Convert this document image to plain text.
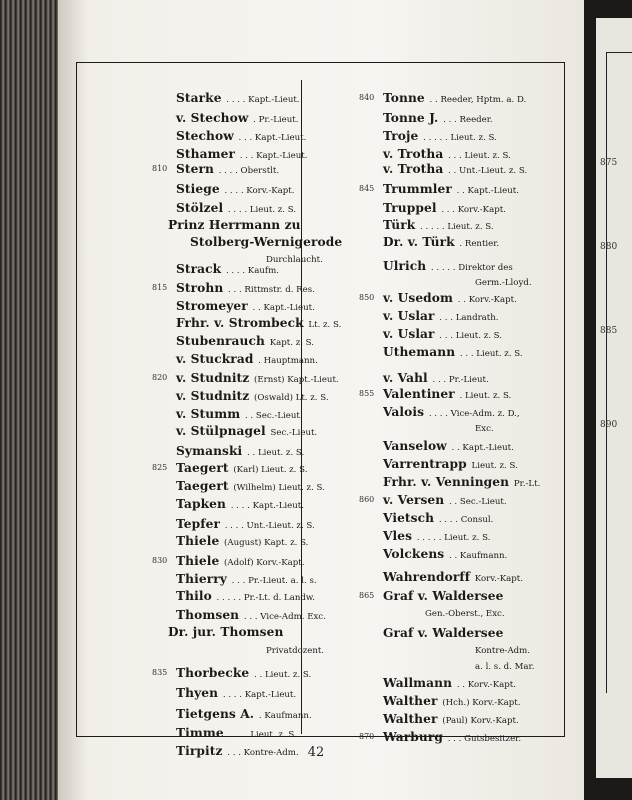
875
880
885
890
Starke . . . . Kapt.-Lieut.
v. Stechow . Pr.-Lieut.
Stechow . . . Kapt.-Lieut.
Sthamer . . . Kapt.-Lieut.
810 Stern . . . . Oberstlt.
Stiege . . . . Korv.-Kapt.
Stölzel . . . . Lieut. z. S.
Prinz Herrmann zu
Stolberg-Wernigerode
Durchlaucht.
Strack . . . . Kaufm.
815 Strohn . . . Rittmstr. d. Res.
Stromeyer . . Kapt.-Lieut.
Frhr. v. Strombeck Lt. z. S.
Stubenrauch Kapt. z. S.
v. Stuckrad . Hauptmann.
820 v. Studnitz (Ernst) Kapt.-Lieut.
v. Studnitz (Oswald) Lt. z. S.
v. Stumm . . Sec.-Lieut.
v. Stülpnagel Sec.-Lieut.
Symanski . . Lieut. z. S.
825 Taegert (Karl) Lieut. z. S.
Taegert (Wilhelm) Lieut. z. S.
Tapken . . . . Kapt.-Lieut.
Tepfer . . . . Unt.-Lieut. z. S.
Thiele (August) Kapt. z. S.
830 Thiele (Adolf) Korv.-Kapt.
Thierry . . . Pr.-Lieut. a. l. s.
Thilo . . . . . Pr.-Lt. d. Landw.
Thomsen . . . Vice-Adm. Exc.
Dr. jur. Thomsen
Privatdozent.
835 Thorbecke . . Lieut. z. S.
Thyen . . . . Kapt.-Lieut.
Tietgens A. . Kaufmann.
Timme . . . . Lieut. z. S.
Tirpitz . . . Kontre-Adm.
840 Tonne . . Reeder, Hptm. a. D.
Tonne J. . . . Reeder.
Troje . . . . . Lieut. z. S.
v. Trotha . . . Lieut. z. S.
v. Trotha . . Unt.-Lieut. z. S.
845 Trummler . . Kapt.-Lieut.
Truppel . . . Korv.-Kapt.
Türk . . . . . Lieut. z. S.
Dr. v. Türk . Rentier.
Ulrich . . . . . Direktor des
Germ.-Lloyd.
850 v. Usedom . . Korv.-Kapt.
v. Uslar . . . Landrath.
v. Uslar . . . Lieut. z. S.
Uthemann . . . Lieut. z. S.
v. Vahl . . . Pr.-Lieut.
855 Valentiner . Lieut. z. S.
Valois . . . . Vice-Adm. z. D.,
Exc.
Vanselow . . Kapt.-Lieut.
Varrentrapp Lieut. z. S.
Frhr. v. Venningen Pr.-Lt.
860 v. Versen . . Sec.-Lieut.
Vietsch . . . . Consul.
Vles . . . . . Lieut. z. S.
Volckens . . Kaufmann.
Wahrendorff Korv.-Kapt.
865 Graf v. Waldersee
Gen.-Oberst., Exc.
Graf v. Waldersee
Kontre-Adm.
a. l. s. d. Mar.
Wallmann . . Korv.-Kapt.
Walther (Hch.) Korv.-Kapt.
Walther (Paul) Korv.-Kapt.
870 Warburg . . . Gutsbesitzer.
42
